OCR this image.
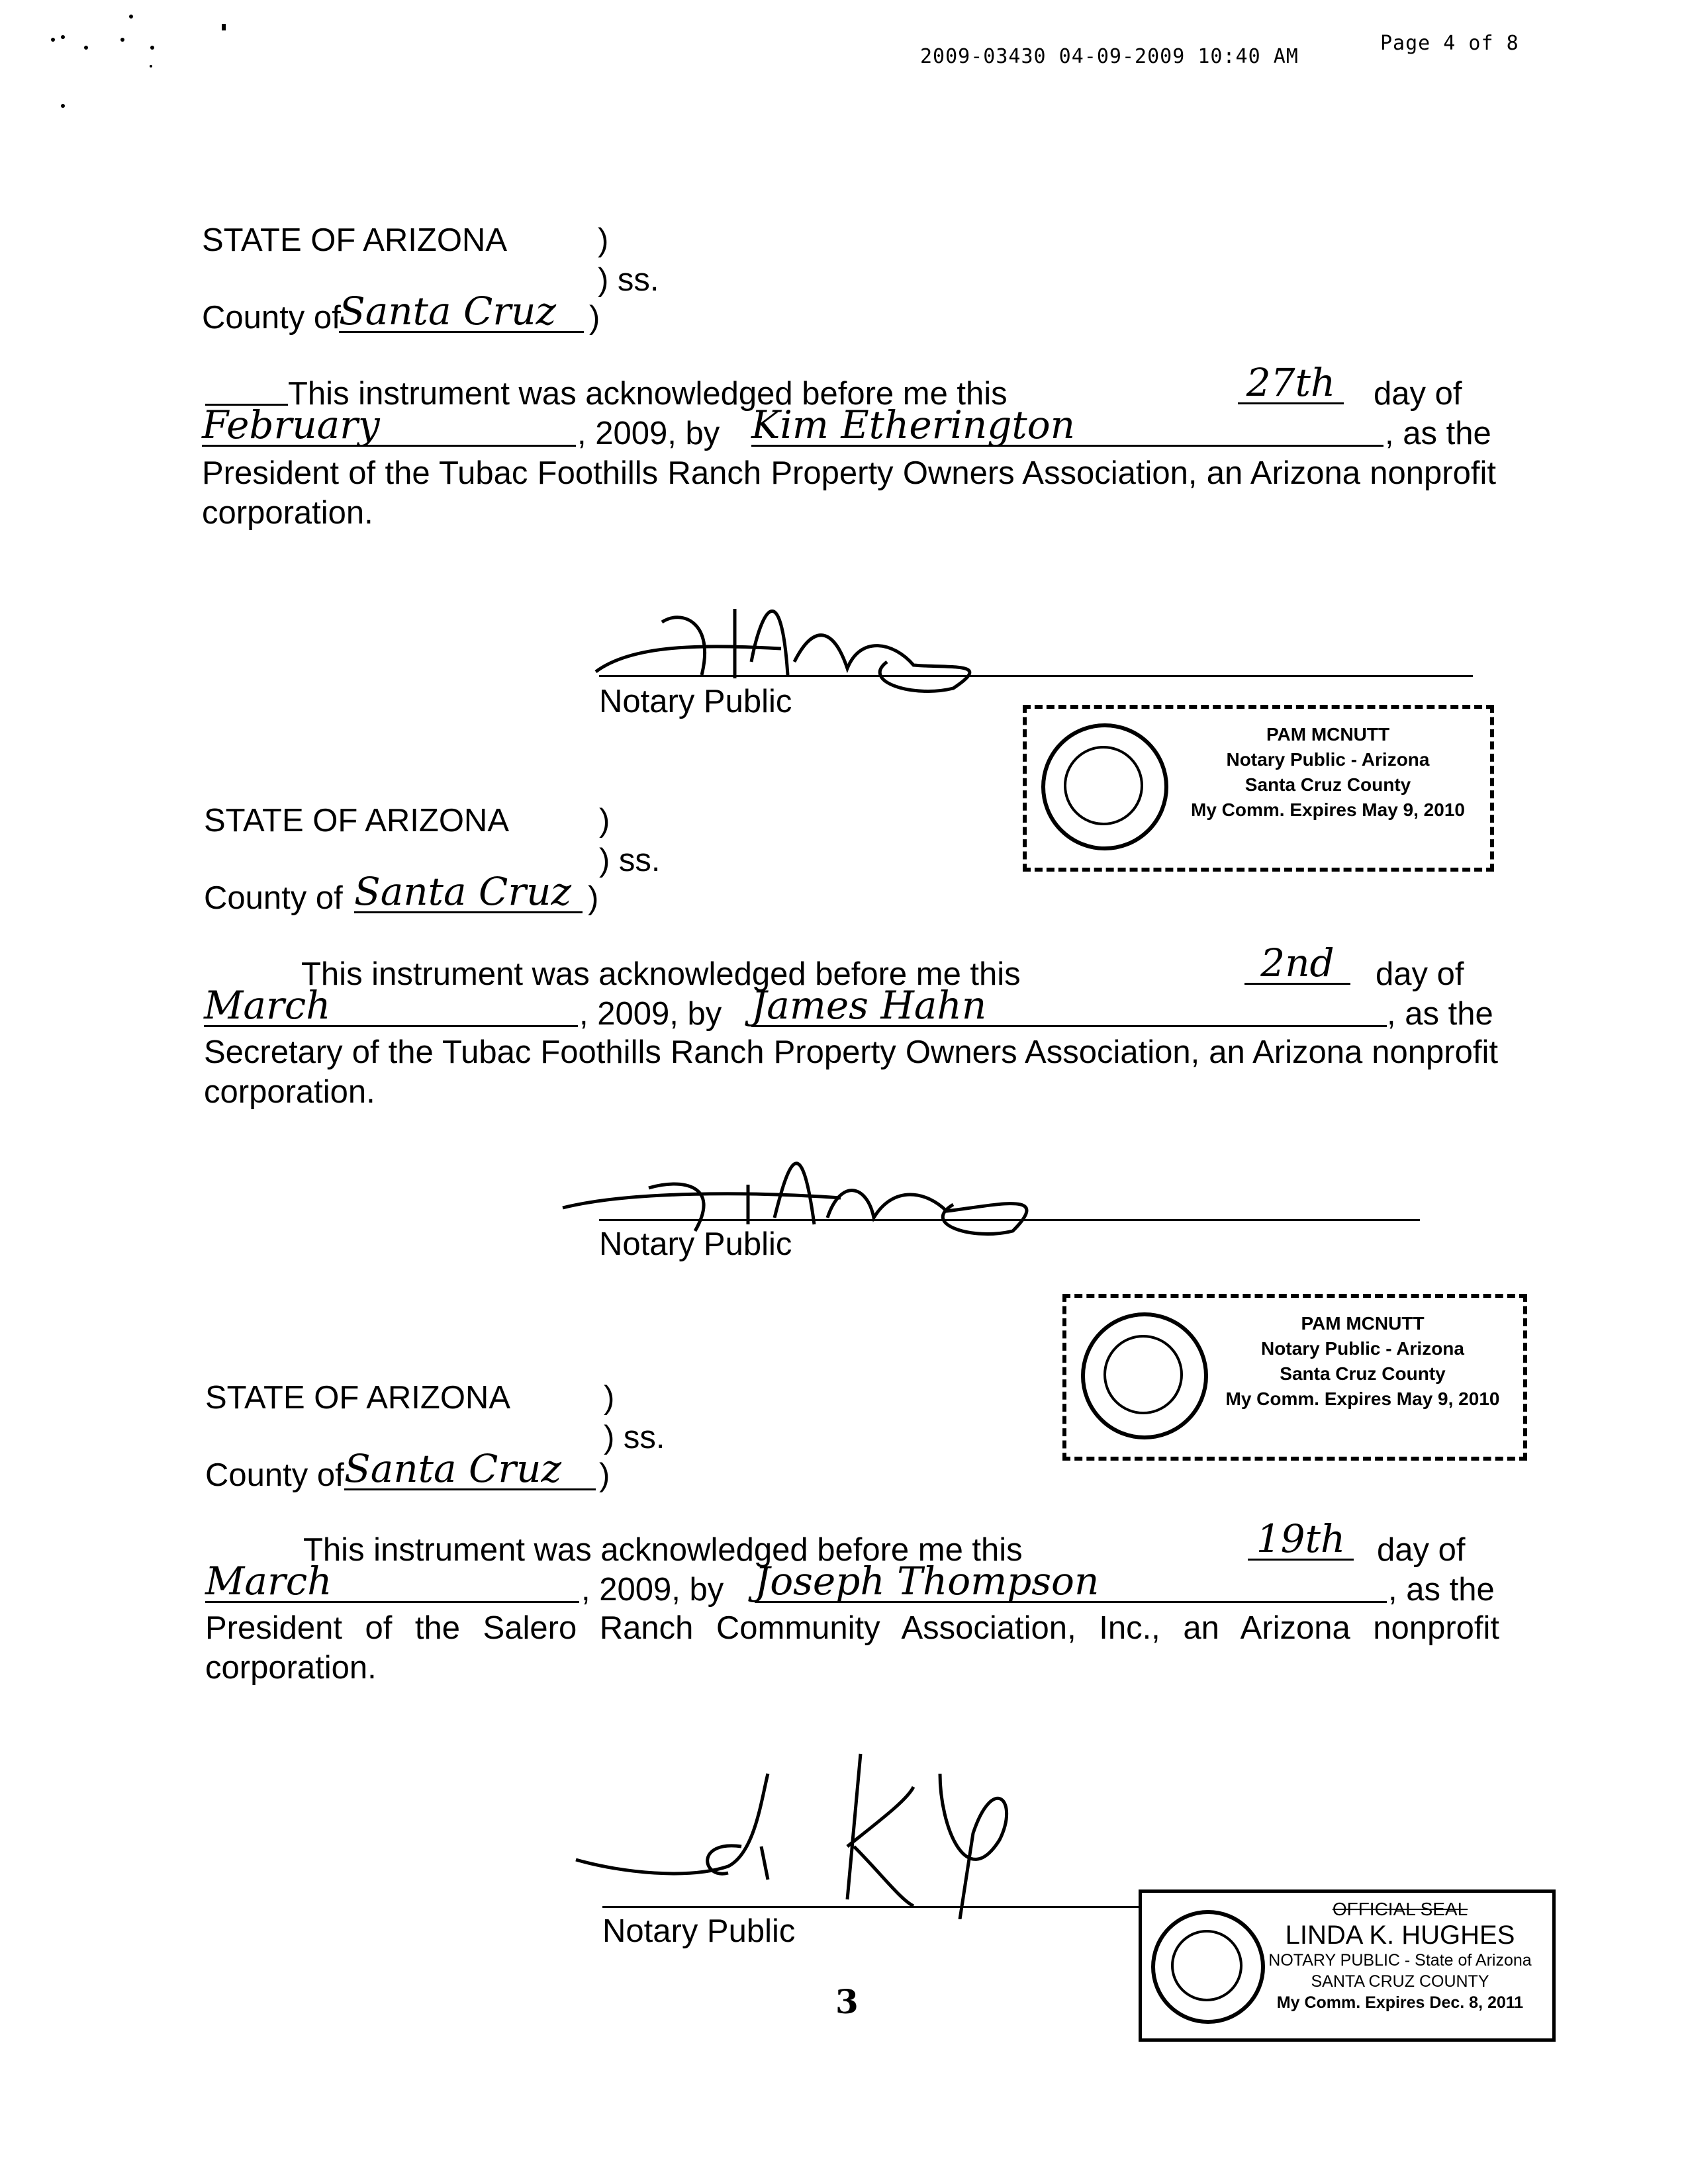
2009-03430 04-09-2009 10:40 AM
Page 4 of 8
STATE OF ARIZONA	)
) ss.
County of
Santa Cruz	)
This instrument was acknowledged before me this	27th day of
February	, 2009, by Kim Etherington	, as the
President of the Tubac Foothills Ranch Property Owners Association, an Arizona nonprofit
corporation.
Notary Public
PAM MCNUTT
Notary Public - Arizona
Santa Cruz County
My Comm. Expires May 9, 2010
STATE OF ARIZONA	)
) ss.
County of Santa Cruz )
This instrument was acknowledged before me this	2nd	day of
March	, 2009, by James Hahn	, as the
Secretary of the Tubac Foothills Ranch Property Owners Association, an Arizona nonprofit
corporation.
Notary Public
PAM MCNUTT
Notary Public - Arizona
Santa Cruz County
My Comm. Expires May 9, 2010
STATE OF ARIZONA	)
) ss.
County of Santa Cruz	)
This instrument was acknowledged before me this	19th day of
March	, 2009, by Joseph Thompson	, as the
President of the Salero Ranch Community Association, Inc., an Arizona nonprofit
corporation.
Notary Public
OFFICIAL SEAL
LINDA K. HUGHES
NOTARY PUBLIC - State of Arizona
SANTA CRUZ COUNTY
My Comm. Expires Dec. 8, 2011
3
